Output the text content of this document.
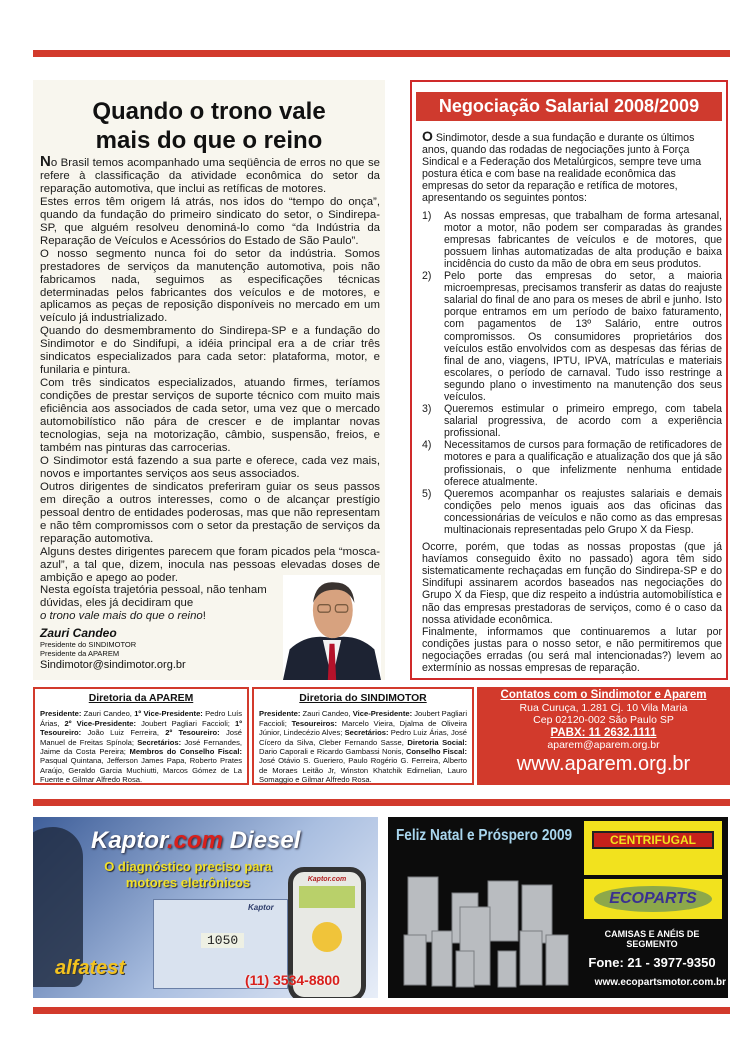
Quando o trono vale
mais do que o reino

No Brasil temos acompanhado uma seqüência de erros no que se refere à classificação da atividade econômica do setor da reparação automotiva, que inclui as retíficas de motores.

Estes erros têm origem lá atrás, nos idos do “tempo do onça”, quando da fundação do primeiro sindicato do setor, o Sindirepa-SP, que alguém resolveu denominá-lo como “da Indústria da Reparação de Veículos e Acessórios do Estado de São Paulo”.

O nosso segmento nunca foi do setor da indústria. Somos prestadores de serviços da manutenção automotiva, pois não fabricamos nada, seguimos as especificações técnicas determinadas pelos fabricantes dos veículos e de motores, e aplicamos as peças de reposição disponíveis no mercado em um veículo já industrializado.

Quando do desmembramento do Sindirepa-SP e a fundação do Sindimotor e do Sindifupi, a idéia principal era a de criar três sindicatos especializados para cada setor: plataforma, motor, e funilaria e pintura.

Com três sindicatos especializados, atuando firmes, teríamos condições de prestar serviços de suporte técnico com muito mais eficiência aos associados de cada setor, uma vez que o mercado automobilístico não pára de crescer e de implantar novas tecnologias, seja na motorização, câmbio, suspensão, freios, e também nas pinturas das carrocerias.

O Sindimotor está fazendo a sua parte e oferece, cada vez mais, novos e importantes serviços aos seus associados.

Outros dirigentes de sindicatos preferiram guiar os seus passos em direção a outros interesses, como o de alcançar prestígio pessoal dentro de entidades poderosas, mas que não representam e não têm compromissos com o setor da prestação de serviços da reparação automotiva.

Alguns destes dirigentes parecem que foram picados pela “mosca-azul”, a tal que, dizem, inocula nas pessoas elevadas doses de ambição e apego ao poder.

Nesta egoísta trajetória pessoal, não tenham
dúvidas, eles já decidiram que
o trono vale mais do que o reino!

Zauri Candeo
Presidente do SINDIMOTOR
Presidente da APAREM
Sindimotor@sindimotor.org.br
Negociação Salarial 2008/2009

O Sindimotor, desde a sua fundação e durante os últimos anos, quando das rodadas de negociações junto à Força Sindical e a Federação dos Metalúrgicos, sempre teve uma postura ética e com base na realidade econômica das empresas do setor da reparação e retífica de motores, apresentando os seguintes pontos:

1)	As nossas empresas, que trabalham de forma artesanal, motor a motor, não podem ser comparadas às grandes empresas fabricantes de veículos e de motores, que possuem linhas automatizadas de alta produção e baixa incidência do custo da mão de obra em seus produtos.
2)	Pelo porte das empresas do setor, a maioria microempresas, precisamos transferir as datas do reajuste salarial do final de ano para os meses de abril e junho. Isto porque entramos em um período de baixo faturamento, com pagamentos de 13º Salário, entre outros compromissos. Os consumidores proprietários dos veículos estão envolvidos com as despesas das férias de final de ano, viagens, IPTU, IPVA, matrículas e materiais escolares, o período de carnaval. Tudo isso restringe a segundo plano o investimento na manutenção dos seus veículos.
3)	Queremos estimular o primeiro emprego, com tabela salarial progressiva, de acordo com a experiência profissional.
4)	Necessitamos de cursos para formação de retificadores de motores e para a qualificação e atualização dos que já são profissionais, o que infelizmente nenhuma entidade oferece atualmente.
5)	Queremos acompanhar os reajustes salariais e demais condições pelo menos iguais aos das oficinas das concessionárias de veículos e não como as das empresas multinacionais representadas pelo Grupo X da Fiesp.

Ocorre, porém, que todas as nossas propostas (que já havíamos conseguido êxito no passado) agora têm sido sistematicamente rechaçadas em função do Sindirepa-SP e do Sindifupi assinarem acordos baseados nas negociações do Grupo X da Fiesp, que diz respeito a indústria automobilística e não das empresas prestadoras de serviços, como é o caso da nossa atividade econômica.

Finalmente, informamos que continuaremos a lutar por condições justas para o nosso setor, e não permitiremos que negociações erradas (ou será mal intencionadas?) levem ao extermínio as nossas empresas de reparação.

Diretoria da APAREM
Presidente: Zauri Candeo, 1º Vice-Presidente: Pedro Luís Árias, 2º Vice-Presidente: Joubert Pagliari Faccioli; 1º Tesoureiro: João Luiz Ferreira, 2º Tesoureiro: José Manuel de Freitas Spínola; Secretários: José Fernandes, Jaime da Costa Pereira; Membros do Conselho Fiscal: Pasqual Quintana, Jefferson James Papa, Roberto Prates Araújo, Geraldo Garcia Muchiutti, Marcos Gómez de La Fuente e Gilmar Alfredo Rosa.
Diretoria do SINDIMOTOR
Presidente: Zauri Candeo, Vice-Presidente: Joubert Pagliari Faccioli; Tesoureiros: Marcelo Vieira, Djalma de Oliveira Júnior, Lindecézio Alves; Secretários: Pedro Luiz Árias, José Cícero da Silva, Cleber Fernando Sasse, Diretoria Social: Dario Caporali e Ricardo Gambassi Nonis, Conselho Fiscal: José Otávio S. Gueriero, Paulo Rogério G. Ferreira, Alberto de Moraes Leitão Jr, Winston Khatchik Edirnelian, Lauro Somaggio e Gilmar Alfredo Rosa.
Contatos com o Sindimotor e Aparem
Rua Curuça, 1.281 Cj. 10 Vila Maria
Cep 02120-002 São Paulo SP
PABX: 11 2632.1111
aparem@aparem.org.br
www.aparem.org.br
Kaptor
1050
Kaptor.com Diesel
O diagnóstico preciso para
motores eletrônicos	Kaptor.com
alfatest
(11) 3534-8800
Feliz Natal e Próspero 2009	CENTRIFUGAL
ECOPARTS
CAMISAS E ANÉIS DE SEGMENTO
Fone: 21 - 3977-9350
www.ecopartsmotor.com.br
